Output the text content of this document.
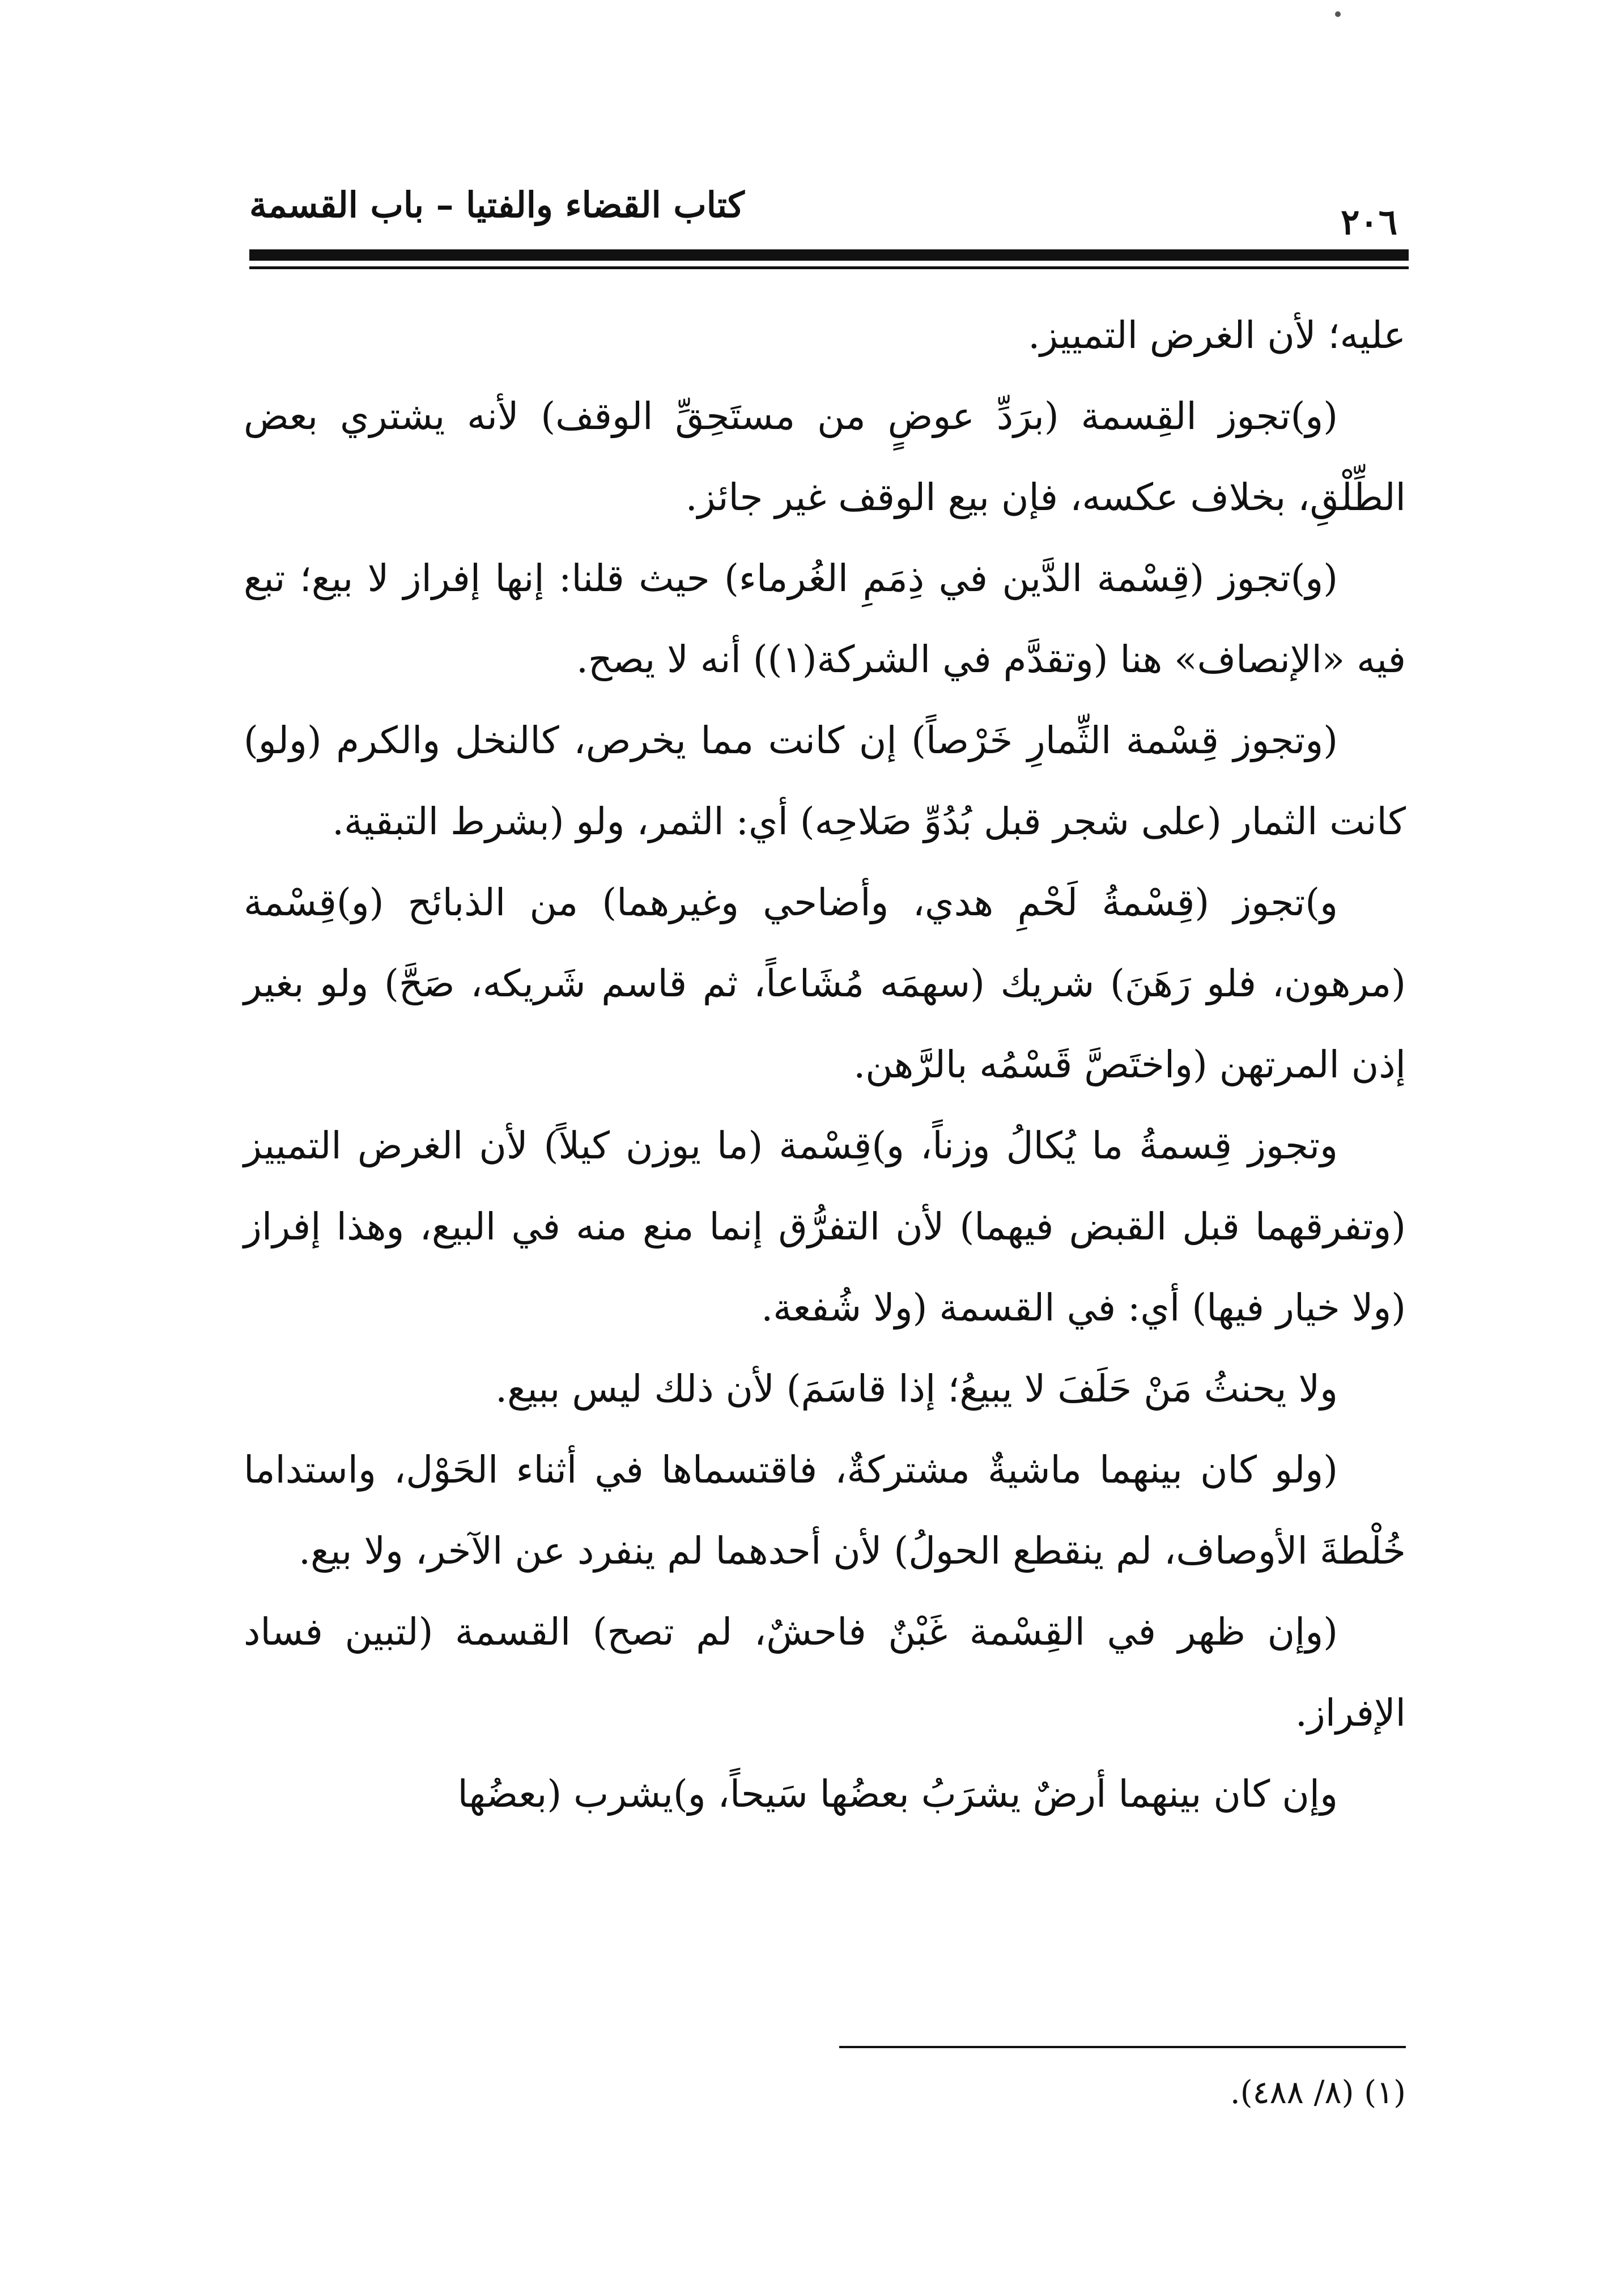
كتاب القضاء والفتيا – باب القسمة	٢٠٦

عليه؛ لأن الغرض التمييز.

(و)تجوز القِسمة (برَدِّ عوضٍ من مستَحِقِّ الوقف) لأنه يشتري بعض الطِّلْقِ، بخلاف عكسه، فإن بيع الوقف غير جائز.

(و)تجوز (قِسْمة الدَّين في ذِمَمِ الغُرماء) حيث قلنا: إنها إفراز لا بيع؛ تبع فيه «الإنصاف» هنا (وتقدَّم في الشركة(١)) أنه لا يصح.

(وتجوز قِسْمة الثِّمارِ خَرْصاً) إن كانت مما يخرص، كالنخل والكرم (ولو) كانت الثمار (على شجر قبل بُدُوِّ صَلاحِه) أي: الثمر، ولو (بشرط التبقية.

و)تجوز (قِسْمةُ لَحْمِ هدي، وأضاحي وغيرهما) من الذبائح (و)قِسْمة (مرهون، فلو رَهَنَ) شريك (سهمَه مُشَاعاً، ثم قاسم شَريكه، صَحَّ) ولو بغير إذن المرتهن (واختَصَّ قَسْمُه بالرَّهن.

وتجوز قِسمةُ ما يُكالُ وزناً، و)قِسْمة (ما يوزن كيلاً) لأن الغرض التمييز (وتفرقهما قبل القبض فيهما) لأن التفرُّق إنما منع منه في البيع، وهذا إفراز (ولا خيار فيها) أي: في القسمة (ولا شُفعة.

ولا يحنثُ مَنْ حَلَفَ لا يبيعُ؛ إذا قاسَمَ) لأن ذلك ليس ببيع.

(ولو كان بينهما ماشيةٌ مشتركةٌ، فاقتسماها في أثناء الحَوْل، واستداما خُلْطةَ الأوصاف، لم ينقطع الحولُ) لأن أحدهما لم ينفرد عن الآخر، ولا بيع.

(وإن ظهر في القِسْمة غَبْنٌ فاحشٌ، لم تصح) القسمة (لتبين فساد الإفراز.

وإن كان بينهما أرضٌ يشرَبُ بعضُها سَيحاً، و)يشرب (بعضُها

(١) (٨/ ٤٨٨).
